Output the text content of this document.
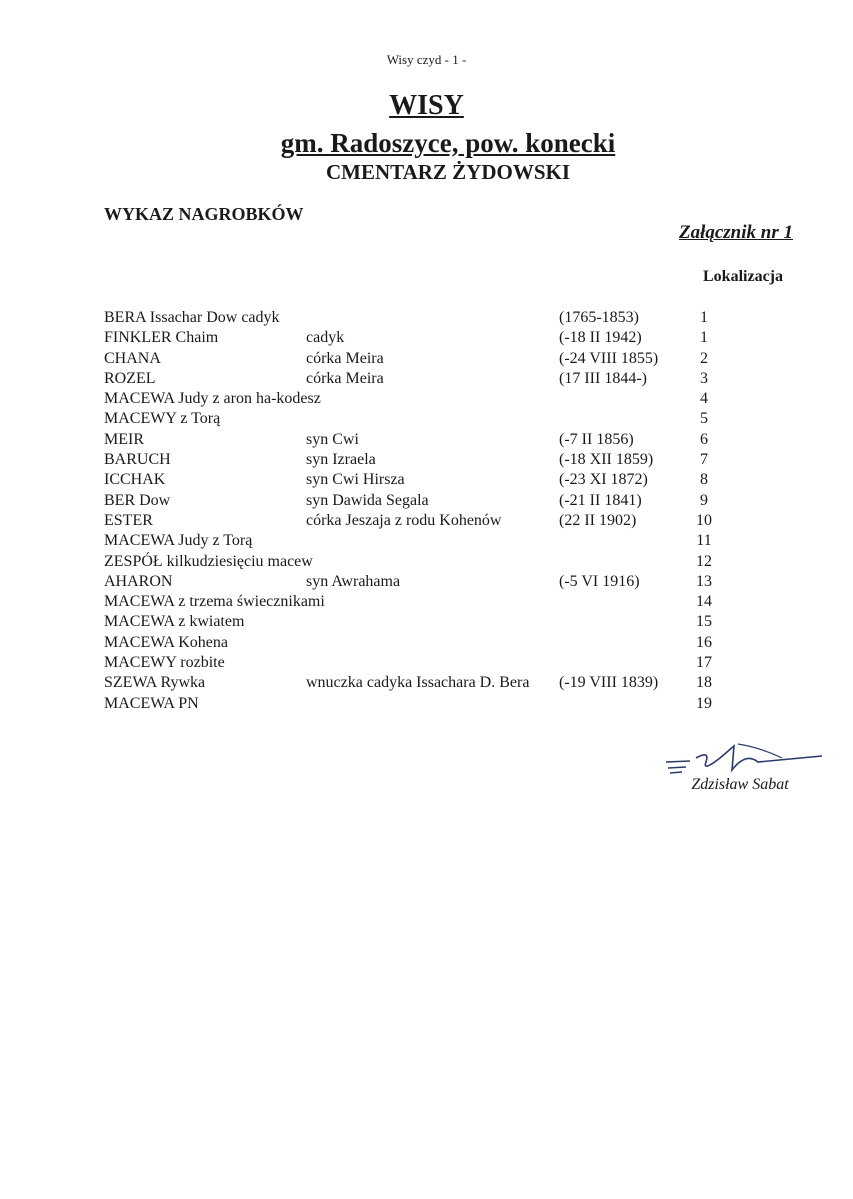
Wisy czyd - 1 -
WISY
gm. Radoszyce, pow. konecki
CMENTARZ ŻYDOWSKI
WYKAZ NAGROBKÓW
Załącznik nr 1
Lokalizacja
BERA Issachar Dow cadyk	(1765-1853)	1
FINKLER Chaim	cadyk	(-18 II 1942)	1
CHANA	córka Meira	(-24 VIII 1855)	2
ROZEL	córka Meira	(17 III 1844-)	3
MACEWA Judy z aron ha-kodesz	4
MACEWY z Torą	5
MEIR	syn Cwi	(-7 II 1856)	6
BARUCH	syn Izraela	(-18 XII 1859)	7
ICCHAK	syn Cwi Hirsza	(-23 XI 1872)	8
BER Dow	syn Dawida Segala	(-21 II 1841)	9
ESTER	córka Jeszaja z rodu Kohenów	(22 II 1902)	10
MACEWA Judy z Torą	11
ZESPÓŁ kilkudziesięciu macew	12
AHARON	syn Awrahama	(-5 VI 1916)	13
MACEWA z trzema świecznikami	14
MACEWA z kwiatem	15
MACEWA Kohena	16
MACEWY rozbite	17
SZEWA Rywka	wnuczka cadyka Issachara D. Bera (-19 VIII 1839)	18
MACEWA PN	19
Zdzisław Sabat
